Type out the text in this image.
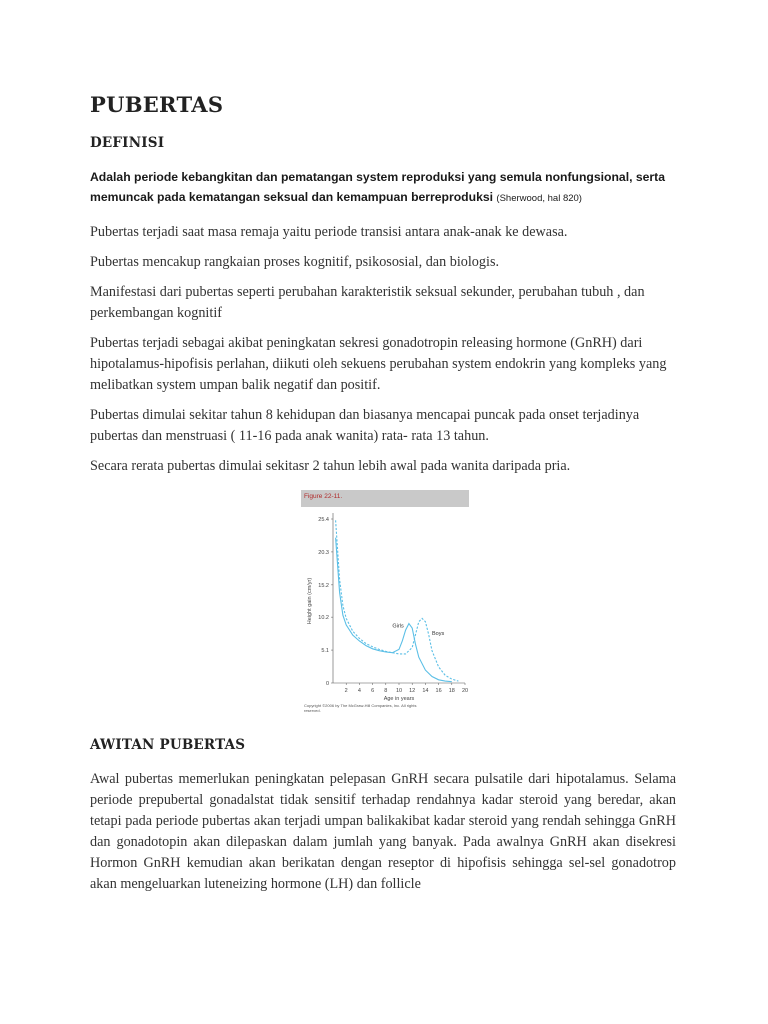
PUBERTAS
DEFINISI

Adalah periode kebangkitan dan pematangan system reproduksi yang semula nonfungsional, serta memuncak pada kematangan seksual dan kemampuan berreproduksi (Sherwood, hal 820)

Pubertas terjadi saat masa remaja yaitu periode transisi antara anak-anak ke dewasa.

Pubertas mencakup rangkaian proses kognitif, psikososial, dan biologis.

Manifestasi dari pubertas seperti perubahan karakteristik seksual sekunder, perubahan tubuh , dan perkembangan kognitif

Pubertas terjadi sebagai akibat peningkatan sekresi gonadotropin releasing hormone (GnRH) dari hipotalamus-hipofisis perlahan, diikuti oleh sekuens perubahan system endokrin yang kompleks yang melibatkan system umpan balik negatif dan positif.

Pubertas dimulai sekitar tahun 8 kehidupan dan biasanya mencapai puncak pada onset terjadinya pubertas dan menstruasi ( 11-16 pada anak wanita) rata- rata 13 tahun.

Secara rerata pubertas dimulai sekitasr 2 tahun lebih awal pada wanita daripada pria.

Figure 22-11.
0
5.1
10.2
15.2
20.3
25.4
2 4 6 8 10 12 14 16 18 20
Age in years
Height gain (cm/yr)
Girls
Boys
Copyright ©2006 by The McGraw-Hill Companies, Inc. All rights reserved.
AWITAN PUBERTAS

Awal pubertas memerlukan peningkatan pelepasan GnRH secara pulsatile dari hipotalamus. Selama periode prepubertal gonadalstat tidak sensitif terhadap rendahnya kadar steroid yang beredar, akan tetapi pada periode pubertas akan terjadi umpan balikakibat kadar steroid yang rendah sehingga GnRH dan gonadotopin akan dilepaskan dalam jumlah yang banyak. Pada awalnya GnRH akan disekresi Hormon GnRH kemudian akan berikatan dengan reseptor di hipofisis sehingga sel-sel gonadotrop akan mengeluarkan luteneizing hormone (LH) dan follicle
